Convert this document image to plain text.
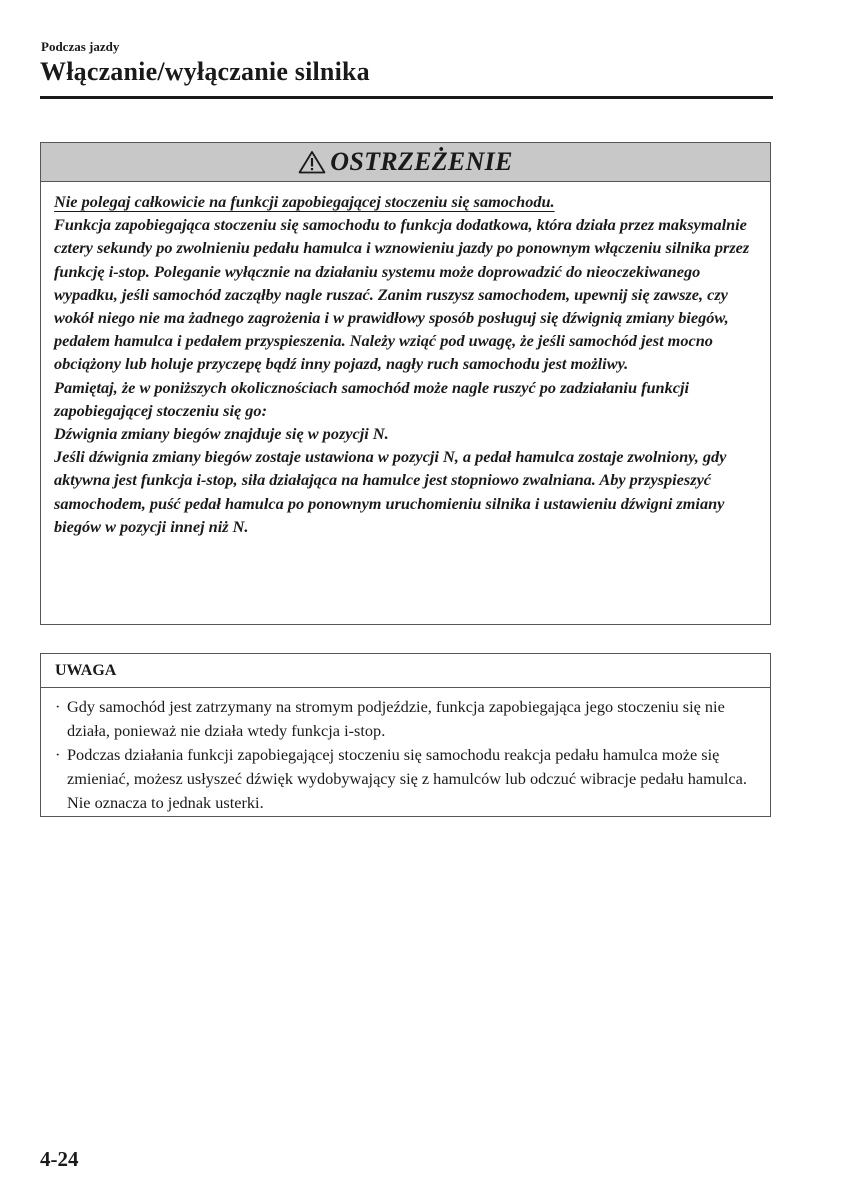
Podczas jazdy
Włączanie/wyłączanie silnika
OSTRZEŻENIE

Nie polegaj całkowicie na funkcji zapobiegającej stoczeniu się samochodu.

Funkcja zapobiegająca stoczeniu się samochodu to funkcja dodatkowa, która działa przez maksymalnie cztery sekundy po zwolnieniu pedału hamulca i wznowieniu jazdy po ponownym włączeniu silnika przez funkcję i-stop. Poleganie wyłącznie na działaniu systemu może doprowadzić do nieoczekiwanego wypadku, jeśli samochód zacząłby nagle ruszać. Zanim ruszysz samochodem, upewnij się zawsze, czy wokół niego nie ma żadnego zagrożenia i w prawidłowy sposób posługuj się dźwignią zmiany biegów, pedałem hamulca i pedałem przyspieszenia. Należy wziąć pod uwagę, że jeśli samochód jest mocno obciążony lub holuje przyczepę bądź inny pojazd, nagły ruch samochodu jest możliwy.

Pamiętaj, że w poniższych okolicznościach samochód może nagle ruszyć po zadziałaniu funkcji zapobiegającej stoczeniu się go:

Dźwignia zmiany biegów znajduje się w pozycji N.

Jeśli dźwignia zmiany biegów zostaje ustawiona w pozycji N, a pedał hamulca zostaje zwolniony, gdy aktywna jest funkcja i-stop, siła działająca na hamulce jest stopniowo zwalniana. Aby przyspieszyć samochodem, puść pedał hamulca po ponownym uruchomieniu silnika i ustawieniu dźwigni zmiany biegów w pozycji innej niż N.

UWAGA
· Gdy samochód jest zatrzymany na stromym podjeździe, funkcja zapobiegająca jego stoczeniu się nie działa, ponieważ nie działa wtedy funkcja i-stop.
· Podczas działania funkcji zapobiegającej stoczeniu się samochodu reakcja pedału hamulca może się zmieniać, możesz usłyszeć dźwięk wydobywający się z hamulców lub odczuć wibracje pedału hamulca. Nie oznacza to jednak usterki.
4-24
